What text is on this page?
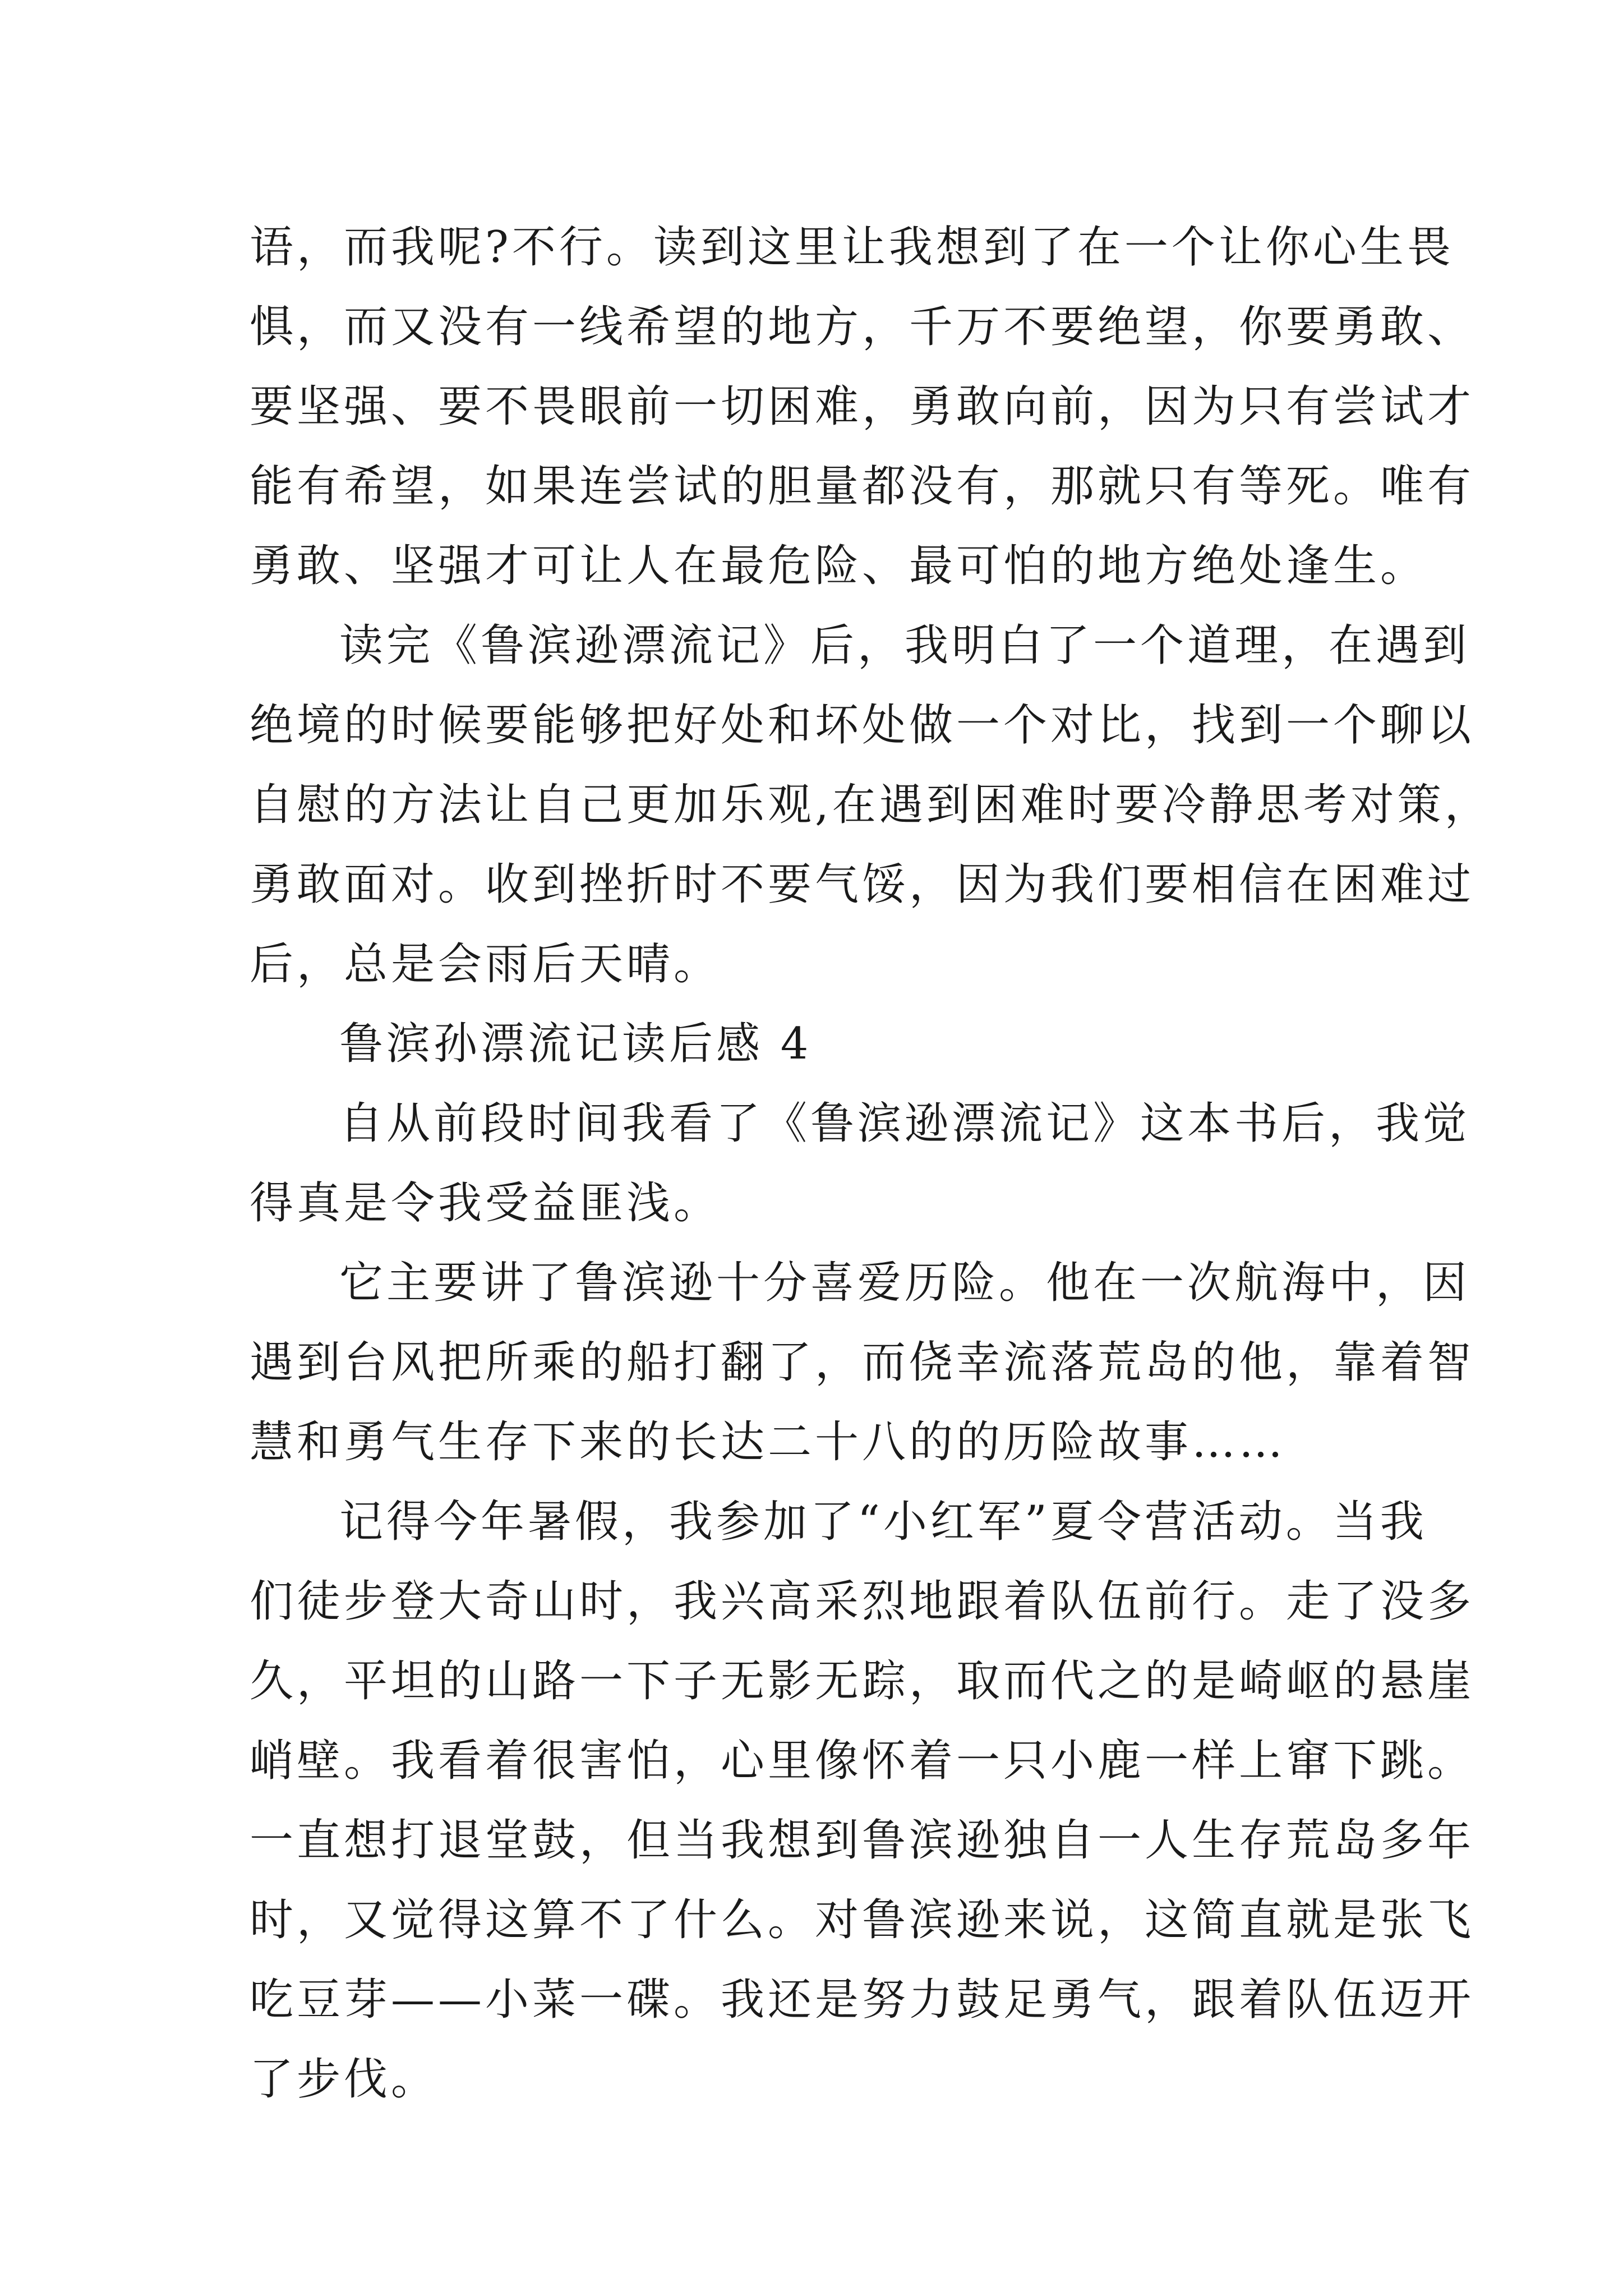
语，而我呢?不行。读到这里让我想到了在一个让你心生畏
惧，而又没有一线希望的地方，千万不要绝望，你要勇敢、
要坚强、要不畏眼前一切困难，勇敢向前，因为只有尝试才
能有希望，如果连尝试的胆量都没有，那就只有等死。唯有
勇敢、坚强才可让人在最危险、最可怕的地方绝处逢生。
读完《鲁滨逊漂流记》后，我明白了一个道理，在遇到
绝境的时候要能够把好处和坏处做一个对比，找到一个聊以
自慰的方法让自己更加乐观,在遇到困难时要冷静思考对策，
勇敢面对。收到挫折时不要气馁，因为我们要相信在困难过
后，总是会雨后天晴。
鲁滨孙漂流记读后感 4
自从前段时间我看了《鲁滨逊漂流记》这本书后，我觉
得真是令我受益匪浅。
它主要讲了鲁滨逊十分喜爱历险。他在一次航海中，因
遇到台风把所乘的船打翻了，而侥幸流落荒岛的他，靠着智
慧和勇气生存下来的长达二十八的的历险故事……
记得今年暑假，我参加了“小红军”夏令营活动。当我
们徒步登大奇山时，我兴高采烈地跟着队伍前行。走了没多
久，平坦的山路一下子无影无踪，取而代之的是崎岖的悬崖
峭壁。我看着很害怕，心里像怀着一只小鹿一样上窜下跳。
一直想打退堂鼓，但当我想到鲁滨逊独自一人生存荒岛多年
时，又觉得这算不了什么。对鲁滨逊来说，这简直就是张飞
吃豆芽——小菜一碟。我还是努力鼓足勇气，跟着队伍迈开
了步伐。
